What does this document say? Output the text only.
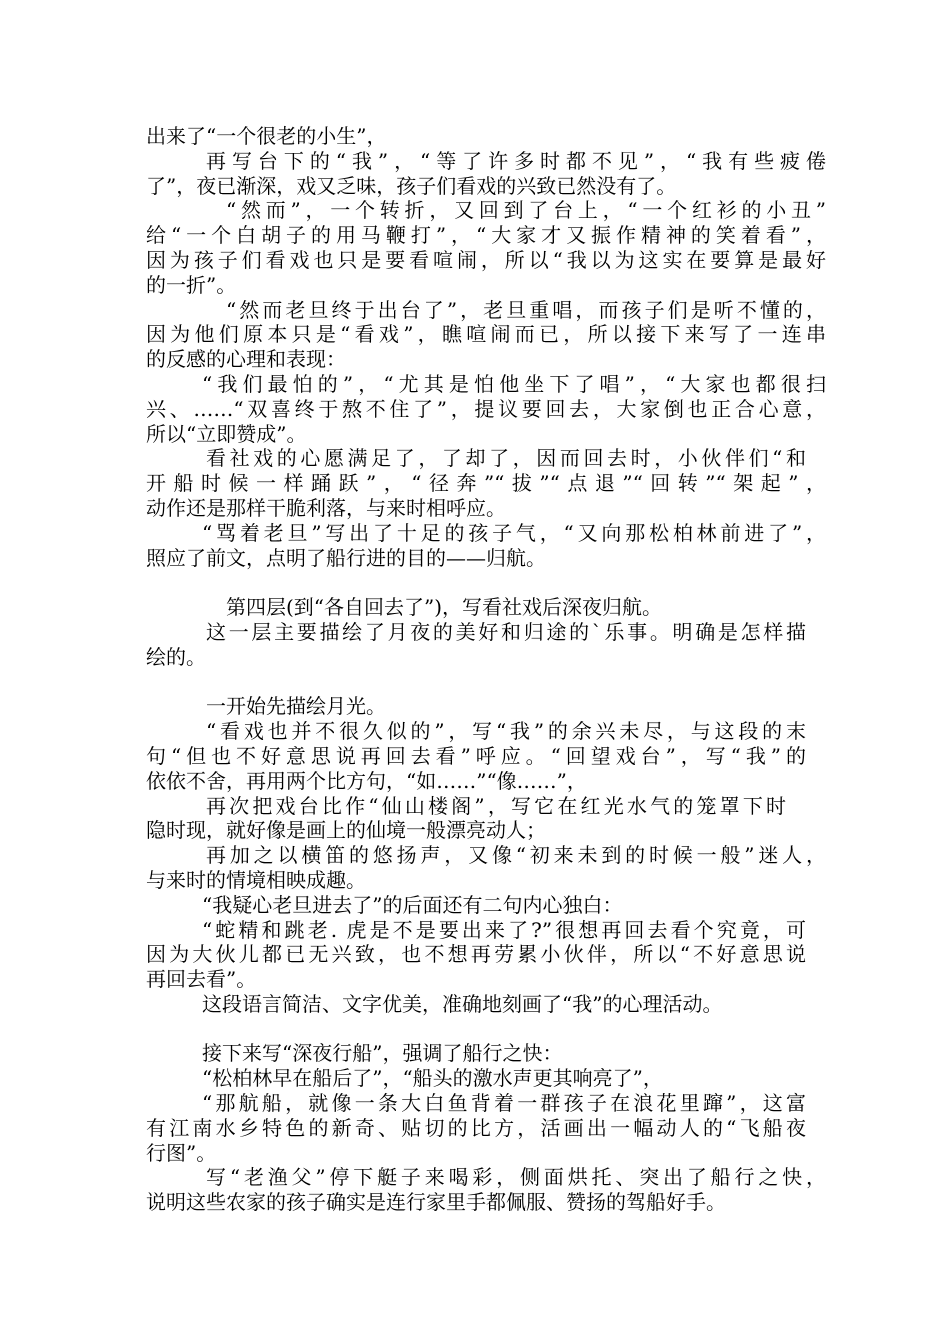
出来了“一个很老的小生”，

再写台下的“我”，“等了许多时都不见”，“我有些疲倦

了”，夜已渐深，戏又乏味，孩子们看戏的兴致已然没有了。

“然而”，一个转折，又回到了台上，“一个红衫的小丑”

给“一个白胡子的用马鞭打”，“大家才又振作精神的笑着看”，

因为孩子们看戏也只是要看喧闹，所以“我以为这实在要算是最好

的一折”。

“然而老旦终于出台了”，老旦重唱，而孩子们是听不懂的，

因为他们原本只是“看戏”，瞧喧闹而已，所以接下来写了一连串

的反感的心理和表现：

“我们最怕的”，“尤其是怕他坐下了唱”，“大家也都很扫

兴、……“双喜终于熬不住了”，提议要回去，大家倒也正合心意，

所以“立即赞成”。

看社戏的心愿满足了，了却了，因而回去时，小伙伴们“和

开船时候一样踊跃”，“径奔”“拔”“点退”“回转”“架起”，

动作还是那样干脆利落，与来时相呼应。

“骂着老旦”写出了十足的孩子气，“又向那松柏林前进了”，

照应了前文，点明了船行进的目的——归航。

第四层(到“各自回去了”)，写看社戏后深夜归航。

这一层主要描绘了月夜的美好和归途的`乐事。明确是怎样描

绘的。

一开始先描绘月光。

“看戏也并不很久似的”，写“我”的余兴未尽，与这段的末

句“但也不好意思说再回去看”呼应。“回望戏台”，写“我”的

依依不舍，再用两个比方句，“如……”“像……”，

再次把戏台比作“仙山楼阁”，写它在红光水气的笼罩下时

隐时现，就好像是画上的仙境一般漂亮动人；

再加之以横笛的悠扬声，又像“初来未到的时候一般”迷人，

与来时的情境相映成趣。

“我疑心老旦进去了”的后面还有二句内心独白：

“蛇精和跳老. 虎是不是要出来了?”很想再回去看个究竟，可

因为大伙儿都已无兴致，也不想再劳累小伙伴，所以“不好意思说

再回去看”。

这段语言简洁、文字优美，准确地刻画了“我”的心理活动。

接下来写“深夜行船”，强调了船行之快：

“松柏林早在船后了”，“船头的激水声更其响亮了”，

“那航船，就像一条大白鱼背着一群孩子在浪花里蹿”，这富

有江南水乡特色的新奇、贴切的比方，活画出一幅动人的“飞船夜

行图”。

写“老渔父”停下艇子来喝彩，侧面烘托、突出了船行之快，

说明这些农家的孩子确实是连行家里手都佩服、赞扬的驾船好手。
